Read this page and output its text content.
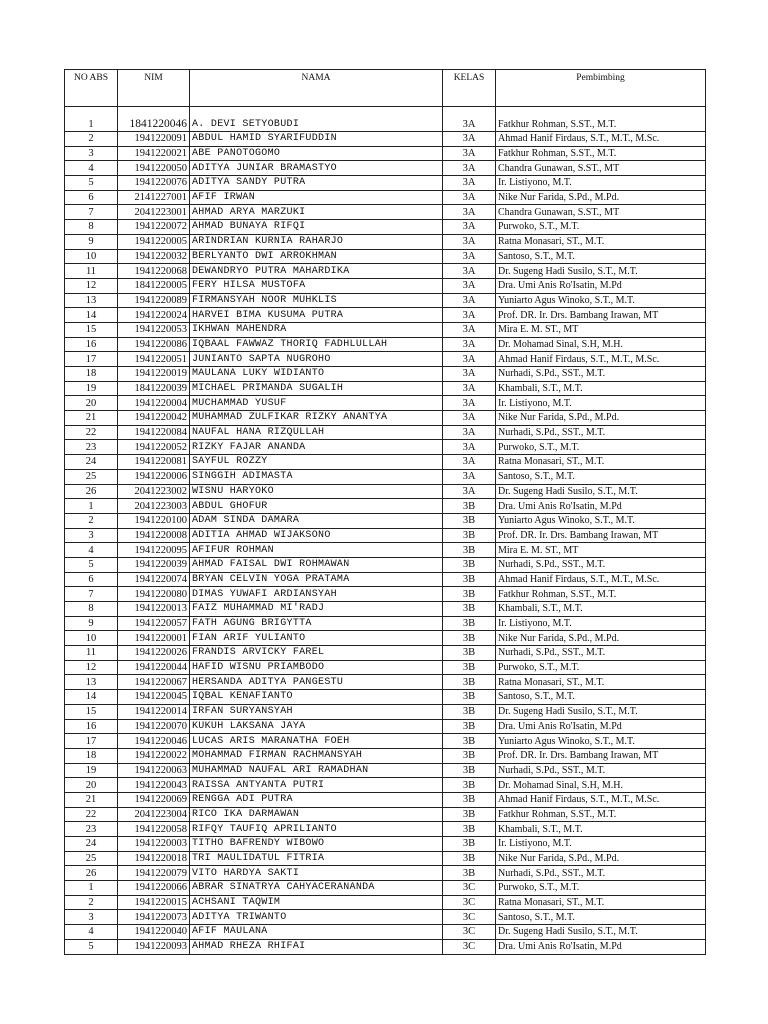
NO ABS	NIM	NAMA	KELAS	Pembimbing
1	1841220046	A. DEVI SETYOBUDI	3A	Fatkhur Rohman, S.ST., M.T.
2	1941220091	ABDUL HAMID SYARIFUDDIN	3A	Ahmad Hanif Firdaus, S.T., M.T., M.Sc.
3	1941220021	ABE PANOTOGOMO	3A	Fatkhur Rohman, S.ST., M.T.
4	1941220050	ADITYA JUNIAR BRAMASTYO	3A	Chandra Gunawan, S.ST., MT
5	1941220076	ADITYA SANDY PUTRA	3A	Ir. Listiyono, M.T.
6	2141227001	AFIF IRWAN	3A	Nike Nur Farida, S.Pd., M.Pd.
7	2041223001	AHMAD ARYA MARZUKI	3A	Chandra Gunawan, S.ST., MT
8	1941220072	AHMAD BUNAYA RIFQI	3A	Purwoko, S.T., M.T.
9	1941220005	ARINDRIAN KURNIA RAHARJO	3A	Ratna Monasari, ST., M.T.
10	1941220032	BERLYANTO DWI ARROKHMAN	3A	Santoso, S.T., M.T.
11	1941220068	DEWANDRYO PUTRA MAHARDIKA	3A	Dr. Sugeng Hadi Susilo, S.T., M.T.
12	1841220005	FERY HILSA MUSTOFA	3A	Dra. Umi Anis Ro'Isatin, M.Pd
13	1941220089	FIRMANSYAH NOOR MUHKLIS	3A	Yuniarto Agus Winoko, S.T., M.T.
14	1941220024	HARVEI BIMA KUSUMA PUTRA	3A	Prof. DR. Ir. Drs. Bambang Irawan, MT
15	1941220053	IKHWAN MAHENDRA	3A	Mira E. M. ST., MT
16	1941220086	IQBAAL FAWWAZ THORIQ FADHLULLAH	3A	Dr. Mohamad Sinal, S.H, M.H.
17	1941220051	JUNIANTO SAPTA NUGROHO	3A	Ahmad Hanif Firdaus, S.T., M.T., M.Sc.
18	1941220019	MAULANA LUKY WIDIANTO	3A	Nurhadi, S.Pd., SST., M.T.
19	1841220039	MICHAEL PRIMANDA SUGALIH	3A	Khambali, S.T., M.T.
20	1941220004	MUCHAMMAD YUSUF	3A	Ir. Listiyono, M.T.
21	1941220042	MUHAMMAD ZULFIKAR RIZKY ANANTYA	3A	Nike Nur Farida, S.Pd., M.Pd.
22	1941220084	NAUFAL HANA RIZQULLAH	3A	Nurhadi, S.Pd., SST., M.T.
23	1941220052	RIZKY FAJAR ANANDA	3A	Purwoko, S.T., M.T.
24	1941220081	SAYFUL ROZZY	3A	Ratna Monasari, ST., M.T.
25	1941220006	SINGGIH ADIMASTA	3A	Santoso, S.T., M.T.
26	2041223002	WISNU HARYOKO	3A	Dr. Sugeng Hadi Susilo, S.T., M.T.
1	2041223003	ABDUL GHOFUR	3B	Dra. Umi Anis Ro'Isatin, M.Pd
2	1941220100	ADAM SINDA DAMARA	3B	Yuniarto Agus Winoko, S.T., M.T.
3	1941220008	ADITIA AHMAD WIJAKSONO	3B	Prof. DR. Ir. Drs. Bambang Irawan, MT
4	1941220095	AFIFUR ROHMAN	3B	Mira E. M. ST., MT
5	1941220039	AHMAD FAISAL DWI ROHMAWAN	3B	Nurhadi, S.Pd., SST., M.T.
6	1941220074	BRYAN CELVIN YOGA PRATAMA	3B	Ahmad Hanif Firdaus, S.T., M.T., M.Sc.
7	1941220080	DIMAS YUWAFI ARDIANSYAH	3B	Fatkhur Rohman, S.ST., M.T.
8	1941220013	FAIZ MUHAMMAD MI'RADJ	3B	Khambali, S.T., M.T.
9	1941220057	FATH AGUNG BRIGYTTA	3B	Ir. Listiyono, M.T.
10	1941220001	FIAN ARIF YULIANTO	3B	Nike Nur Farida, S.Pd., M.Pd.
11	1941220026	FRANDIS ARVICKY FAREL	3B	Nurhadi, S.Pd., SST., M.T.
12	1941220044	HAFID WISNU PRIAMBODO	3B	Purwoko, S.T., M.T.
13	1941220067	HERSANDA ADITYA PANGESTU	3B	Ratna Monasari, ST., M.T.
14	1941220045	IQBAL KENAFIANTO	3B	Santoso, S.T., M.T.
15	1941220014	IRFAN SURYANSYAH	3B	Dr. Sugeng Hadi Susilo, S.T., M.T.
16	1941220070	KUKUH LAKSANA JAYA	3B	Dra. Umi Anis Ro'Isatin, M.Pd
17	1941220046	LUCAS ARIS MARANATHA FOEH	3B	Yuniarto Agus Winoko, S.T., M.T.
18	1941220022	MOHAMMAD FIRMAN RACHMANSYAH	3B	Prof. DR. Ir. Drs. Bambang Irawan, MT
19	1941220063	MUHAMMAD NAUFAL ARI RAMADHAN	3B	Nurhadi, S.Pd., SST., M.T.
20	1941220043	RAISSA ANTYANTA PUTRI	3B	Dr. Mohamad Sinal, S.H, M.H.
21	1941220069	RENGGA ADI PUTRA	3B	Ahmad Hanif Firdaus, S.T., M.T., M.Sc.
22	2041223004	RICO IKA DARMAWAN	3B	Fatkhur Rohman, S.ST., M.T.
23	1941220058	RIFQY TAUFIQ APRILIANTO	3B	Khambali, S.T., M.T.
24	1941220003	TITHO BAFRENDY WIBOWO	3B	Ir. Listiyono, M.T.
25	1941220018	TRI MAULIDATUL FITRIA	3B	Nike Nur Farida, S.Pd., M.Pd.
26	1941220079	VITO HARDYA SAKTI	3B	Nurhadi, S.Pd., SST., M.T.
1	1941220066	ABRAR SINATRYA CAHYACERANANDA	3C	Purwoko, S.T., M.T.
2	1941220015	ACHSANI TAQWIM	3C	Ratna Monasari, ST., M.T.
3	1941220073	ADITYA TRIWANTO	3C	Santoso, S.T., M.T.
4	1941220040	AFIF MAULANA	3C	Dr. Sugeng Hadi Susilo, S.T., M.T.
5	1941220093	AHMAD RHEZA RHIFAI	3C	Dra. Umi Anis Ro'Isatin, M.Pd
